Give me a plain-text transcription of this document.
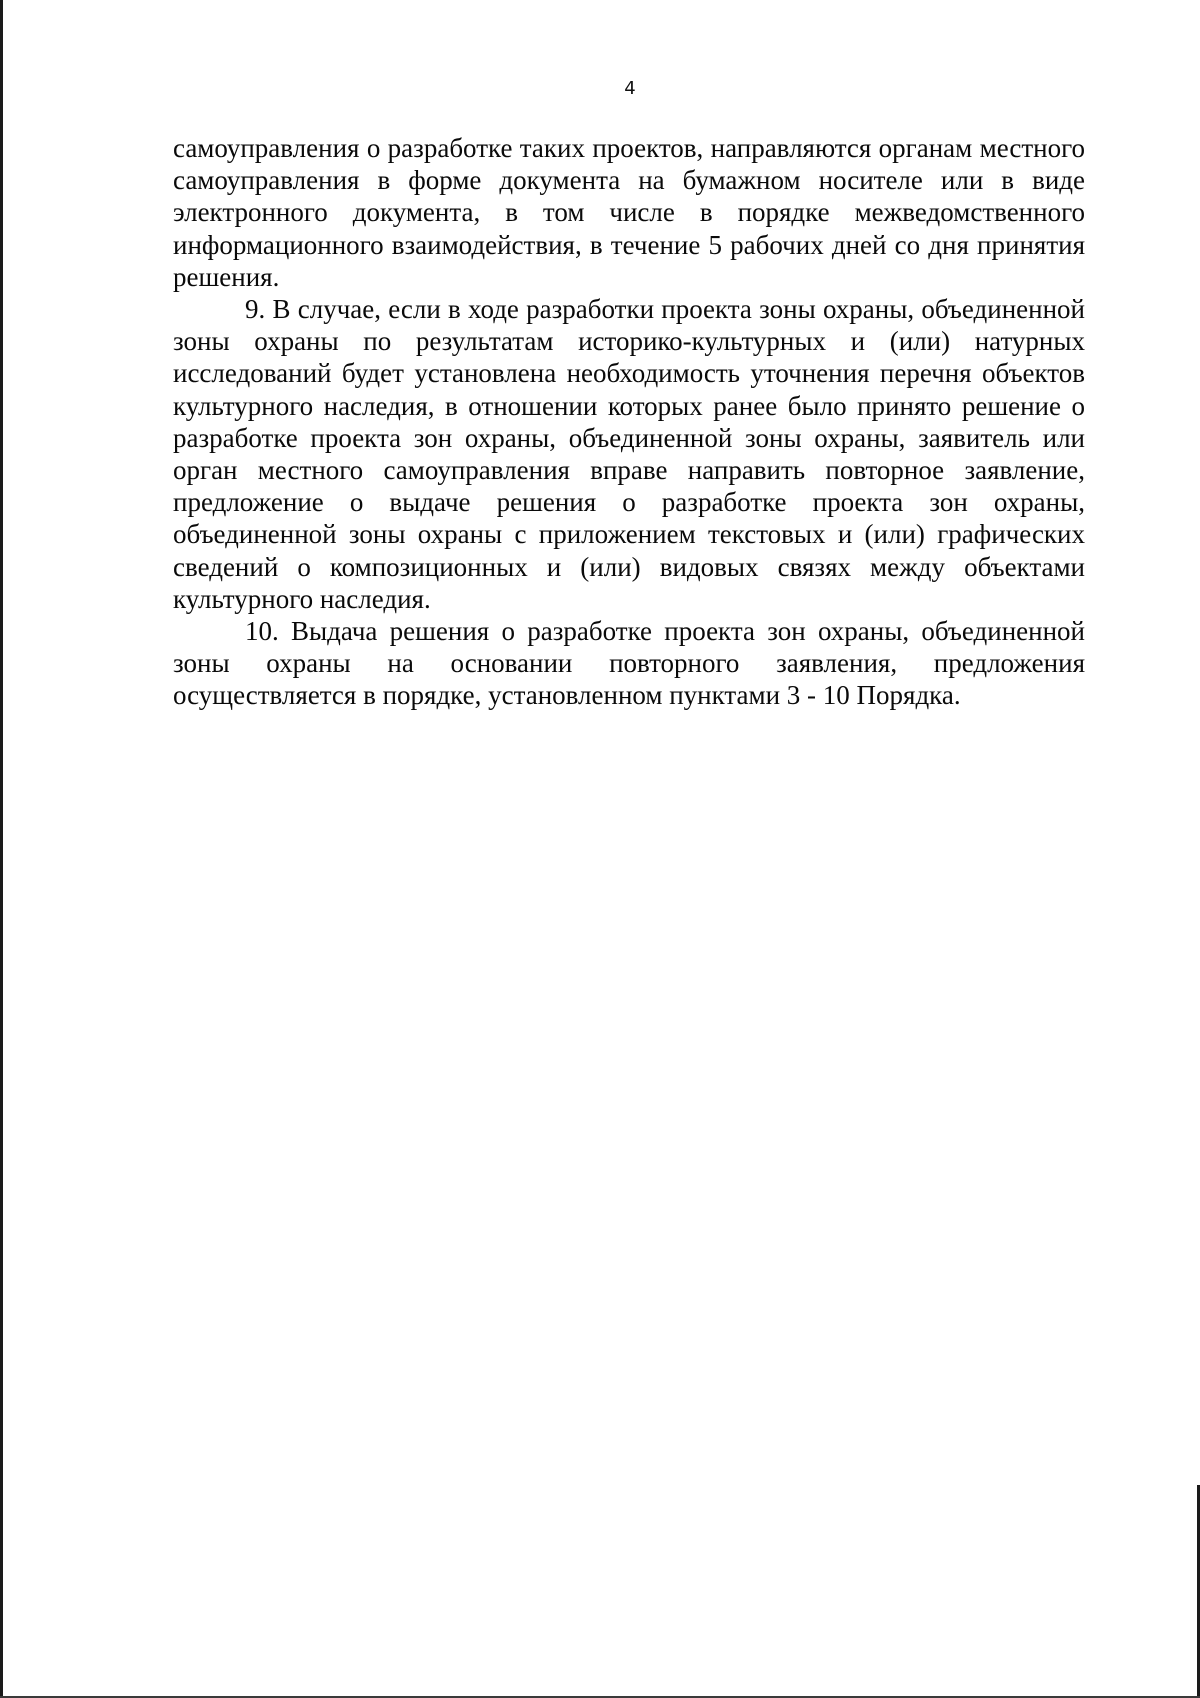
4

самоуправления о разработке таких проектов, направляются органам местного самоуправления в форме документа на бумажном носителе или в виде электронного документа, в том числе в порядке межведомственного информационного взаимодействия, в течение 5 рабочих дней со дня принятия решения.

9. В случае, если в ходе разработки проекта зоны охраны, объединенной зоны охраны по результатам историко-культурных и (или) натурных исследований будет установлена необходимость уточнения перечня объектов культурного наследия, в отношении которых ранее было принято решение о разработке проекта зон охраны, объединенной зоны охраны, заявитель или орган местного самоуправления вправе направить повторное заявление, предложение о выдаче решения о разработке проекта зон охраны, объединенной зоны охраны с приложением текстовых и (или) графических сведений о композиционных и (или) видовых связях между объектами культурного наследия.

10. Выдача решения о разработке проекта зон охраны, объединенной зоны охраны на основании повторного заявления, предложения осуществляется в порядке, установленном пунктами 3 - 10 Порядка.
